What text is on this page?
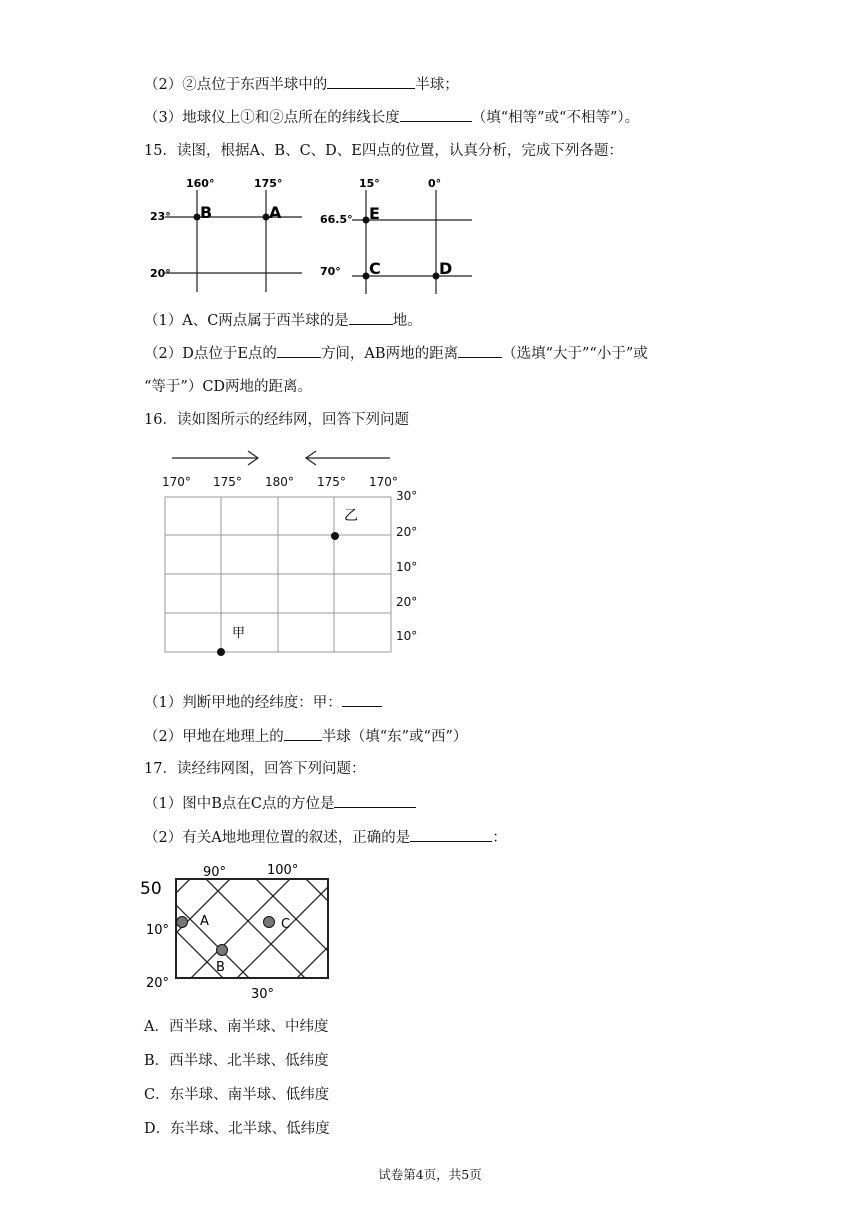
（2）②点位于东西半球中的	半球；
（3）地球仪上①和②点所在的纬线长度	（填“相等”或“不相等”）。
15．读图，根据A、B、C、D、E四点的位置，认真分析，完成下列各题：
160°	175°
23°
20°
B	A
15°	0°
66.5°
70°
E
C	D
（1）A、C两点属于西半球的是	地。
（2）D点位于E点的	方间，AB两地的距离	（选填“大于”“小于”或
“等于”）CD两地的距离。
16．读如图所示的经纬网，回答下列问题
170° 175° 180° 175° 170°
30°
20°
10°
20°
10°
乙
甲
（1）判断甲地的经纬度：甲：
（2）甲地在地理上的	半球（填“东”或“西”）
17．读经纬网图，回答下列问题：
（1）图中B点在C点的方位是
（2）有关A地地理位置的叙述，正确的是	：
90°	100°
50
10°
20°
30°
A
B
C
A．西半球、南半球、中纬度
B．西半球、北半球、低纬度
C．东半球、南半球、低纬度
D．东半球、北半球、低纬度
试卷第4页，共5页
